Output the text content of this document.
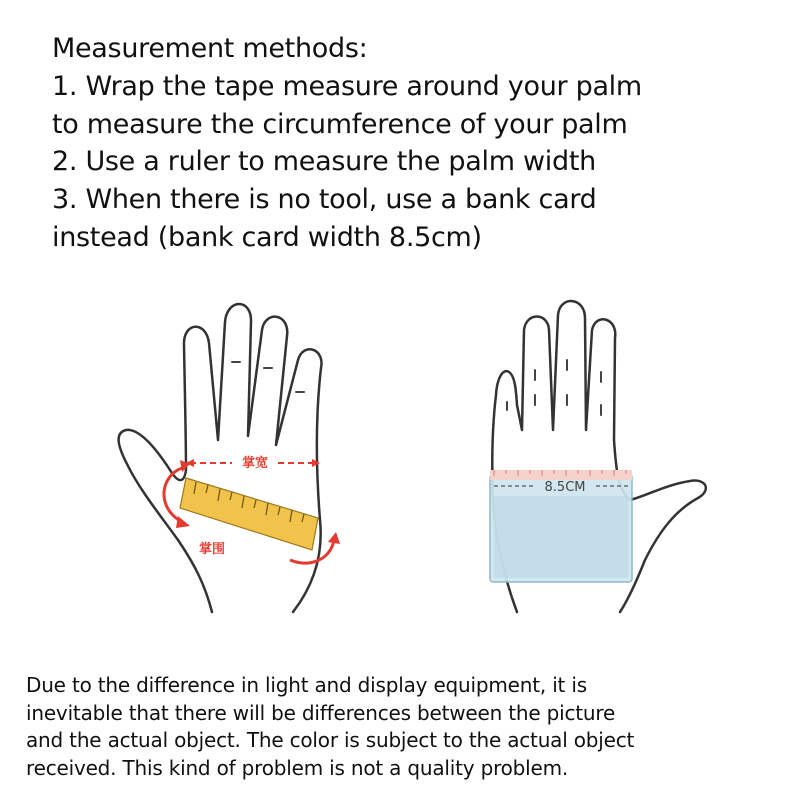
Measurement methods:
1. Wrap the tape measure around your palm
to measure the circumference of your palm
2. Use a ruler to measure the palm width
3. When there is no tool, use a bank card
instead (bank card width 8.5cm)
掌宽
掌围
8.5CM
Due to the difference in light and display equipment, it is
inevitable that there will be differences between the picture
and the actual object. The color is subject to the actual object
received. This kind of problem is not a quality problem.
